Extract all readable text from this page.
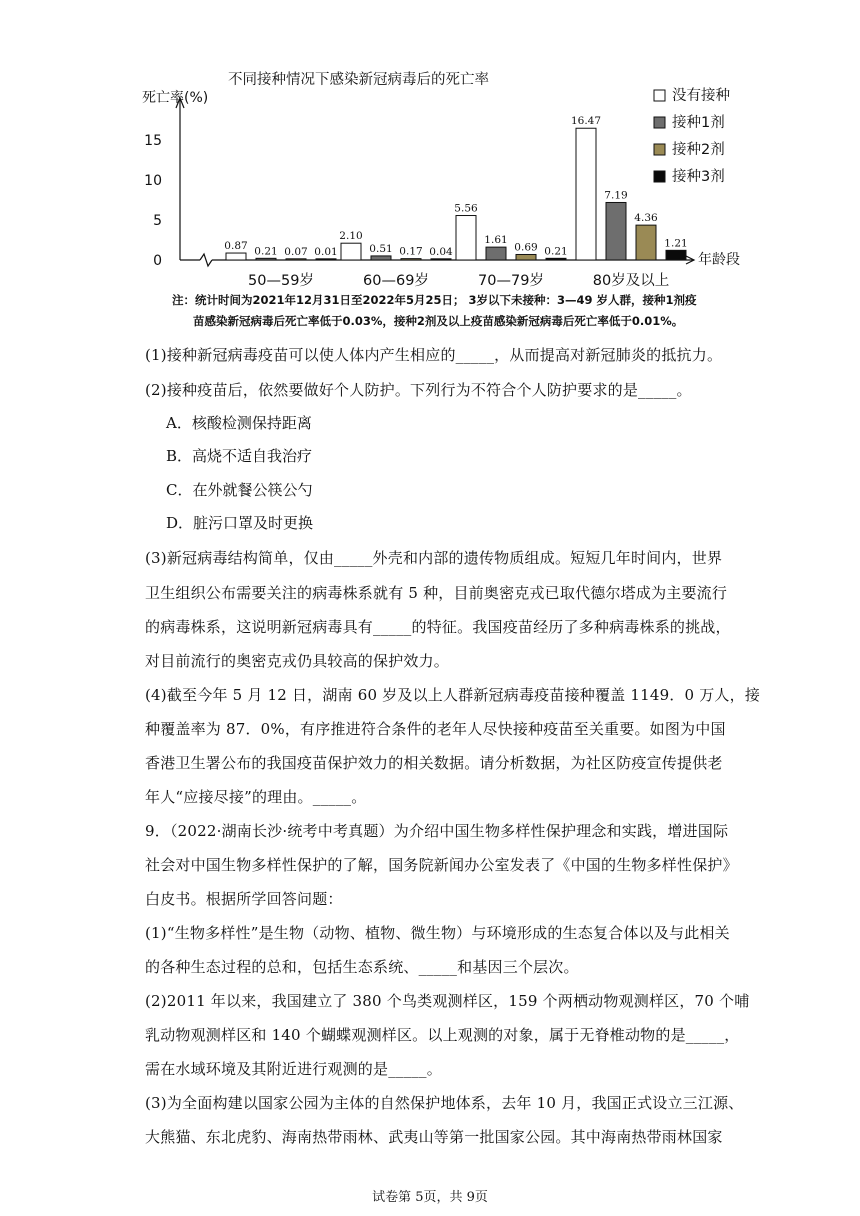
不同接种情况下感染新冠病毒后的死亡率
死亡率(%)
年龄段
0
5
10
15
0.87 0.21 0.07 0.01
50—59岁
2.10
0.51 0.17 0.04
60—69岁
5.56
1.61
0.69 0.21
70—79岁
16.47
7.19
4.36
1.21
80岁及以上
没有接种
接种1剂
接种2剂
接种3剂
注：统计时间为2021年12月31日至2022年5月25日； 3岁以下未接种：3—49 岁人群，接种1剂疫
苗感染新冠病毒后死亡率低于0.03%，接种2剂及以上疫苗感染新冠病毒后死亡率低于0.01%。
(1)接种新冠病毒疫苗可以使人体内产生相应的_____，从而提高对新冠肺炎的抵抗力。
(2)接种疫苗后，依然要做好个人防护。下列行为不符合个人防护要求的是_____。
A．核酸检测保持距离
B．高烧不适自我治疗
C．在外就餐公筷公勺
D．脏污口罩及时更换
(3)新冠病毒结构简单，仅由_____外壳和内部的遗传物质组成。短短几年时间内，世界
卫生组织公布需要关注的病毒株系就有 5 种，目前奥密克戎已取代德尔塔成为主要流行
的病毒株系，这说明新冠病毒具有_____的特征。我国疫苗经历了多种病毒株系的挑战，
对目前流行的奥密克戎仍具较高的保护效力。
(4)截至今年 5 月 12 日，湖南 60 岁及以上人群新冠病毒疫苗接种覆盖 1149．0 万人，接
种覆盖率为 87．0%，有序推进符合条件的老年人尽快接种疫苗至关重要。如图为中国
香港卫生署公布的我国疫苗保护效力的相关数据。请分析数据，为社区防疫宣传提供老
年人“应接尽接”的理由。_____。
9．（2022·湖南长沙·统考中考真题）为介绍中国生物多样性保护理念和实践，增进国际
社会对中国生物多样性保护的了解，国务院新闻办公室发表了《中国的生物多样性保护》
白皮书。根据所学回答问题：
(1)“生物多样性”是生物（动物、植物、微生物）与环境形成的生态复合体以及与此相关
的各种生态过程的总和，包括生态系统、_____和基因三个层次。
(2)2011 年以来，我国建立了 380 个鸟类观测样区，159 个两栖动物观测样区，70 个哺
乳动物观测样区和 140 个蝴蝶观测样区。以上观测的对象，属于无脊椎动物的是_____，
需在水域环境及其附近进行观测的是_____。
(3)为全面构建以国家公园为主体的自然保护地体系，去年 10 月，我国正式设立三江源、
大熊猫、东北虎豹、海南热带雨林、武夷山等第一批国家公园。其中海南热带雨林国家
试卷第 5页，共 9页
